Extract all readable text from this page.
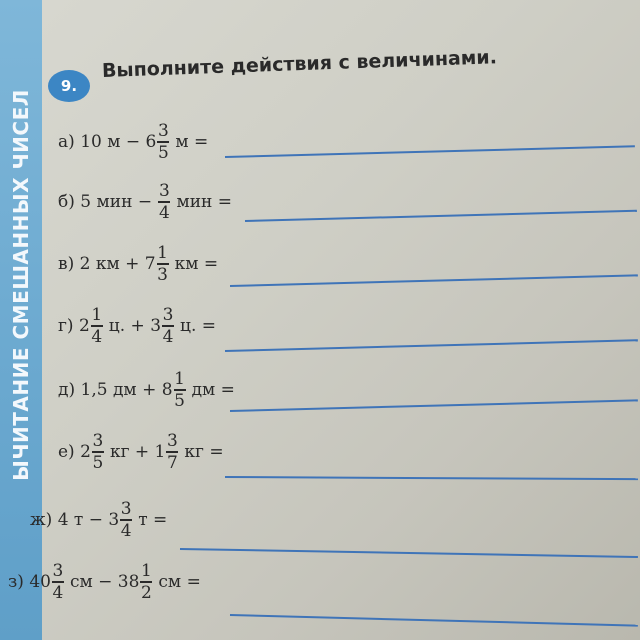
ЫЧИТАНИЕ СМЕШАННЫХ ЧИСЕЛ
9.
Выполните действия с величинами.
а)
10
м
−
$6 \frac{3}{5}$ м
=
б)
5
мин
−
$\frac{3}{4}$ мин
=
в)
2
км
+
$7 \frac{1}{3}$ км
=
г)
$2 \frac{1}{4} ц$.
+
$3 \frac{3}{4} ц$.
=
д)
1,5
дм
+
$8 \frac{1}{5}$ дм
=
е)
$2 \frac{3}{5}$ кг
+
$1 \frac{3}{7}$ кг
=
ж)
4
т
−
$3 \frac{3}{4}$ т
=
з)
$40 \frac{3}{4}$ см
−
$38 \frac{1}{2}$ см
=
